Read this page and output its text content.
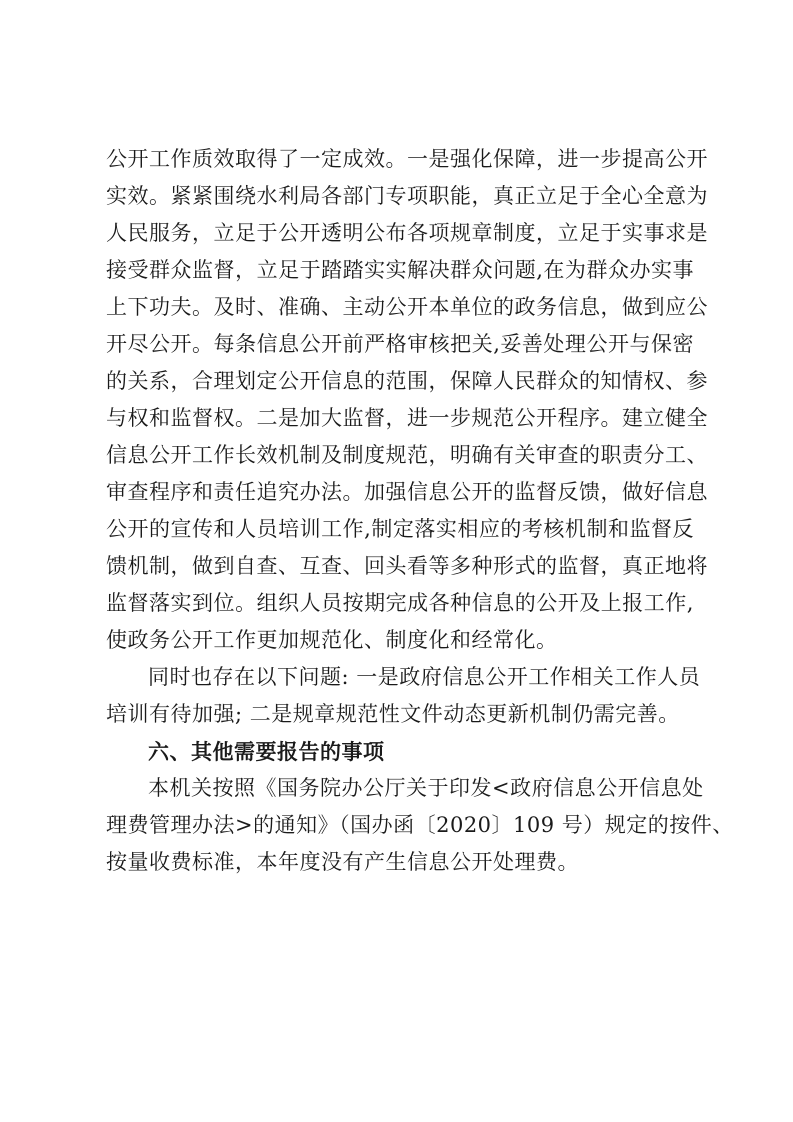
公开工作质效取得了一定成效。一是强化保障，进一步提高公开
实效。紧紧围绕水利局各部门专项职能，真正立足于全心全意为
人民服务，立足于公开透明公布各项规章制度，立足于实事求是
接受群众监督，立足于踏踏实实解决群众问题,在为群众办实事
上下功夫。及时、准确、主动公开本单位的政务信息，做到应公
开尽公开。每条信息公开前严格审核把关,妥善处理公开与保密
的关系，合理划定公开信息的范围，保障人民群众的知情权、参
与权和监督权。二是加大监督，进一步规范公开程序。建立健全
信息公开工作长效机制及制度规范，明确有关审查的职责分工、
审查程序和责任追究办法。加强信息公开的监督反馈，做好信息
公开的宣传和人员培训工作,制定落实相应的考核机制和监督反
馈机制，做到自查、互查、回头看等多种形式的监督，真正地将
监督落实到位。组织人员按期完成各种信息的公开及上报工作,
使政务公开工作更加规范化、制度化和经常化。
同时也存在以下问题: 一是政府信息公开工作相关工作人员
培训有待加强; 二是规章规范性文件动态更新机制仍需完善。
六、其他需要报告的事项
本机关按照《国务院办公厅关于印发<政府信息公开信息处
理费管理办法>的通知》（国办函〔2020〕109 号）规定的按件、
按量收费标准，本年度没有产生信息公开处理费。
